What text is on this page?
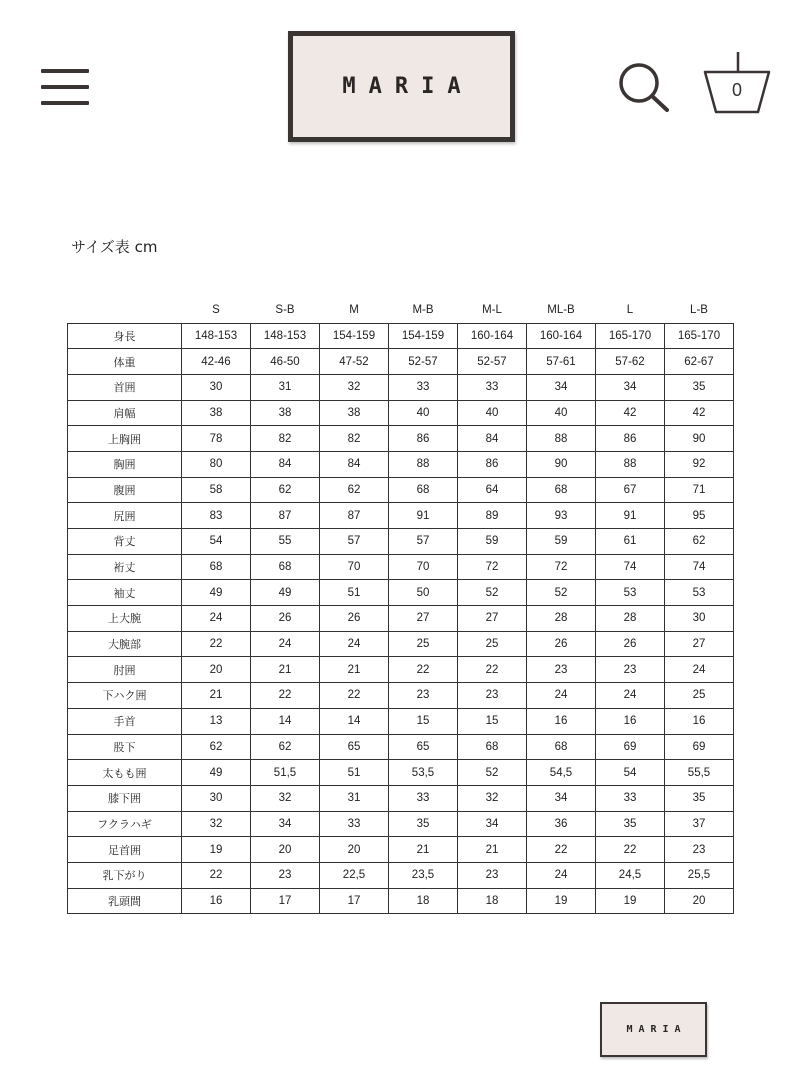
MARIA	0
サイズ表 cm
	S	S-B	M	M-B	M-L	ML-B	L	L-B
身長	148-153	148-153	154-159	154-159	160-164	160-164	165-170	165-170
体重	42-46	46-50	47-52	52-57	52-57	57-61	57-62	62-67
首囲	30	31	32	33	33	34	34	35
肩幅	38	38	38	40	40	40	42	42
上胸囲	78	82	82	86	84	88	86	90
胸囲	80	84	84	88	86	90	88	92
腹囲	58	62	62	68	64	68	67	71
尻囲	83	87	87	91	89	93	91	95
背丈	54	55	57	57	59	59	61	62
裄丈	68	68	70	70	72	72	74	74
袖丈	49	49	51	50	52	52	53	53
上大腕	24	26	26	27	27	28	28	30
大腕部	22	24	24	25	25	26	26	27
肘囲	20	21	21	22	22	23	23	24
下ハク囲	21	22	22	23	23	24	24	25
手首	13	14	14	15	15	16	16	16
股下	62	62	65	65	68	68	69	69
太もも囲	49	51,5	51	53,5	52	54,5	54	55,5
膝下囲	30	32	31	33	32	34	33	35
フクラハギ	32	34	33	35	34	36	35	37
足首囲	19	20	20	21	21	22	22	23
乳下がり	22	23	22,5	23,5	23	24	24,5	25,5
乳頭間	16	17	17	18	18	19	19	20
MARIA
